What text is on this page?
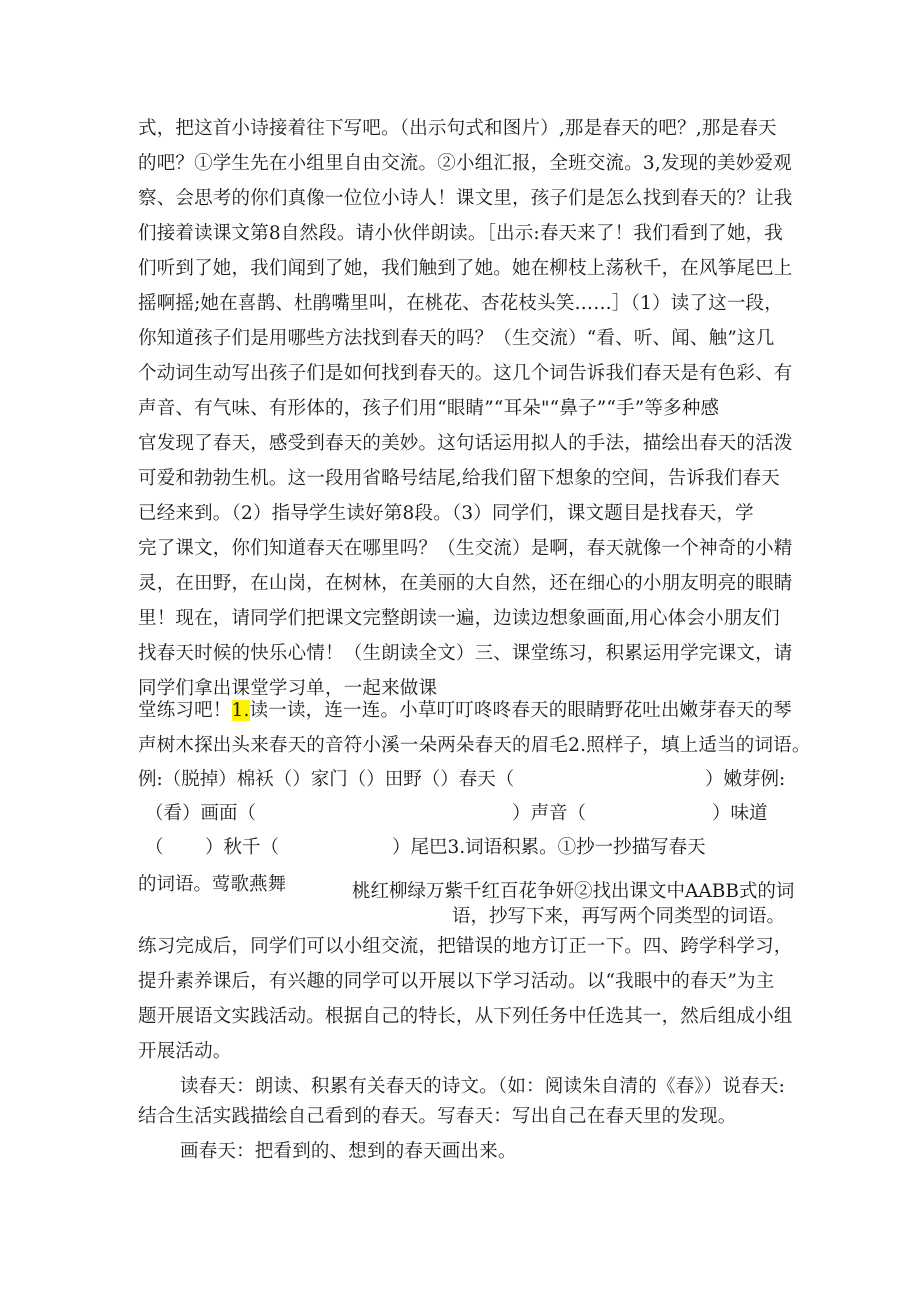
式，把这首小诗接着往下写吧。（出示句式和图片）,那是春天的吧？,那是春天
的吧？①学生先在小组里自由交流。②小组汇报，全班交流。3,发现的美妙爱观
察、会思考的你们真像一位位小诗人！课文里，孩子们是怎么找到春天的？让我
们接着读课文第8自然段。请小伙伴朗读。［出示:春天来了！我们看到了她，我
们听到了她，我们闻到了她，我们触到了她。她在柳枝上荡秋千，在风筝尾巴上
摇啊摇;她在喜鹊、杜鹃嘴里叫，在桃花、杏花枝头笑……］（1）读了这一段，
你知道孩子们是用哪些方法找到春天的吗？（生交流）“看、听、闻、触”这几
个动词生动写出孩子们是如何找到春天的。这几个词告诉我们春天是有色彩、有
声音、有气味、有形体的，孩子们用“眼睛”“耳朵"“鼻子”“手”等多种感
官发现了春天，感受到春天的美妙。这句话运用拟人的手法，描绘出春天的活泼
可爱和勃勃生机。这一段用省略号结尾,给我们留下想象的空间，告诉我们春天
已经来到。（2）指导学生读好第8段。（3）同学们，课文题目是找春天，学
完了课文，你们知道春天在哪里吗？（生交流）是啊，春天就像一个神奇的小精
灵，在田野，在山岗，在树林，在美丽的大自然，还在细心的小朋友明亮的眼睛
里！现在，请同学们把课文完整朗读一遍，边读边想象画面,用心体会小朋友们
找春天时候的快乐心情！（生朗读全文）三、课堂练习，积累运用学完课文，请
同学们拿出课堂学习单，一起来做课
堂练习吧！1.读一读，连一连。小草叮叮咚咚春天的眼睛野花吐出嫩芽春天的琴
声树木探出头来春天的音符小溪一朵两朵春天的眉毛2.照样子，填上适当的词语。
例:（脱掉）棉袄（）家门（）田野（）春天（	）嫩芽例:
（看）画面（	）声音（	）味道
（ ）秋千（	）尾巴3.词语积累。①抄一抄描写春天
的词语。莺歌燕舞	桃红柳绿万紫千红百花争妍②找出课文中AABB式的词
语，抄写下来，再写两个同类型的词语。
练习完成后，同学们可以小组交流，把错误的地方订正一下。四、跨学科学习，
提升素养课后，有兴趣的同学可以开展以下学习活动。以“我眼中的春天”为主
题开展语文实践活动。根据自己的特长，从下列任务中任选其一，然后组成小组
开展活动。
读春天：朗读、积累有关春天的诗文。（如：阅读朱自清的《春》）说春天:
结合生活实践描绘自己看到的春天。写春天：写出自己在春天里的发现。
画春天：把看到的、想到的春天画出来。
